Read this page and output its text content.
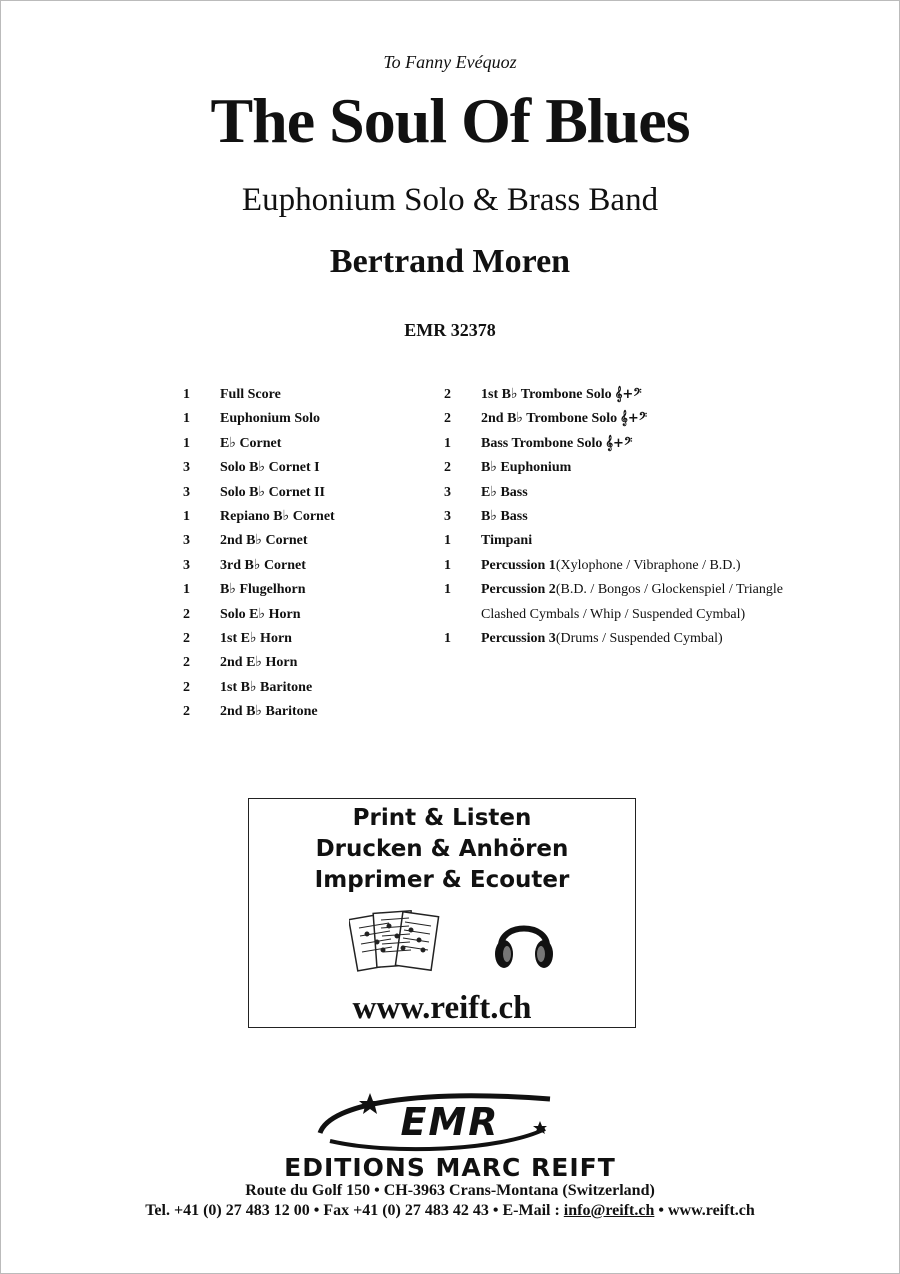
To Fanny Evéquoz
The Soul Of Blues
Euphonium Solo & Brass Band
Bertrand Moren
EMR 32378
1	Full Score
1	Euphonium Solo
1	E♭ Cornet
3	Solo B♭ Cornet I
3	Solo B♭ Cornet II
1	Repiano B♭ Cornet
3	2nd B♭ Cornet
3	3rd B♭ Cornet
1	B♭ Flugelhorn
2	Solo E♭ Horn
2	1st E♭ Horn
2	2nd E♭ Horn
2	1st B♭ Baritone
2	2nd B♭ Baritone
2	1st B♭ Trombone Solo 𝄞+𝄢
2	2nd B♭ Trombone Solo 𝄞+𝄢
1	Bass Trombone Solo 𝄞+𝄢
2	B♭ Euphonium
3	E♭ Bass
3	B♭ Bass
1	Timpani
1	Percussion 1 (Xylophone / Vibraphone / B.D.)
1	Percussion 2 (B.D. / Bongos / Glockenspiel / Triangle
Clashed Cymbals / Whip / Suspended Cymbal)
1	Percussion 3 (Drums / Suspended Cymbal)
Print & Listen
Drucken & Anhören
Imprimer & Ecouter
www.reift.ch
EMR
EDITIONS MARC REIFT
Route du Golf 150 • CH-3963 Crans-Montana (Switzerland)
Tel. +41 (0) 27 483 12 00 • Fax +41 (0) 27 483 42 43 • E-Mail : info@reift.ch • www.reift.ch
